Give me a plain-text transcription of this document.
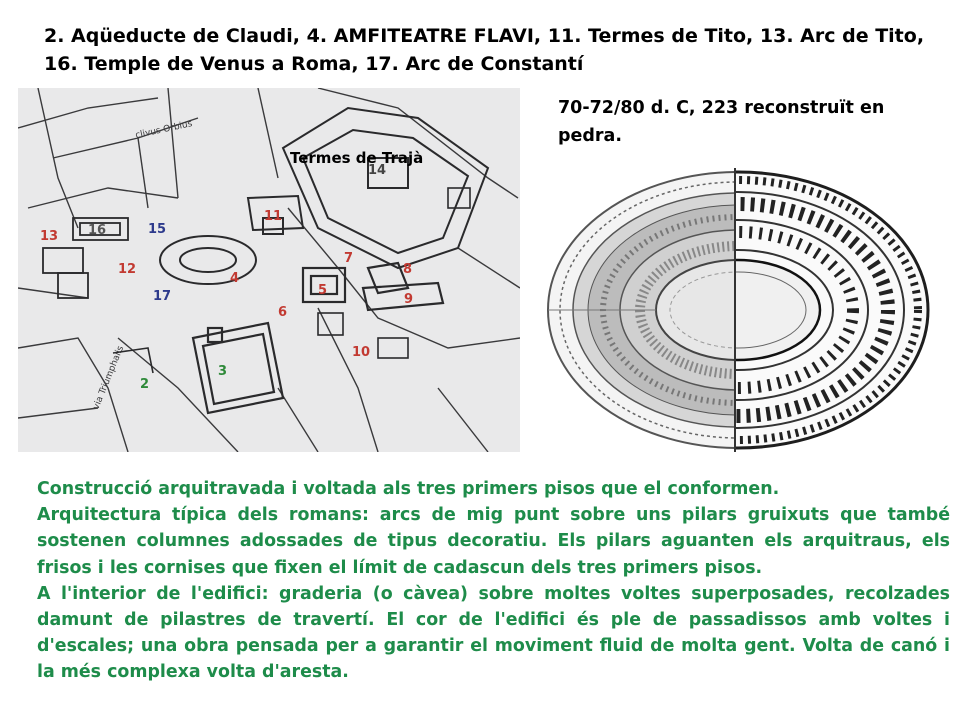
2. Aqüeducte de Claudi, 4. AMFITEATRE FLAVI, 11. Termes de Tito, 13. Arc de Tito, 16. Temple de Venus a Roma, 17. Arc de Constantí
clivus Orbius
via Triumphalis
Termes de Trajà
14
11
15
16
13
12
17
4
7
8
5
9
6
10
3
2
70-72/80 d. C, 223 reconstruït en pedra.

Construcció arquitravada i voltada als tres primers pisos que el conformen.

Arquitectura típica dels romans: arcs de mig punt sobre uns pilars gruixuts que també sostenen columnes adossades de tipus decoratiu. Els pilars aguanten els arquitraus, els frisos i les cornises que fixen el límit de cadascun dels tres primers pisos.

A l'interior de l'edifici: graderia (o càvea) sobre moltes voltes superposades, recolzades damunt de pilastres de travertí. El cor de l'edifici és ple de passadissos amb voltes i d'escales; una obra pensada per a garantir el moviment fluid de molta gent. Volta de canó i la més complexa volta d'aresta.
